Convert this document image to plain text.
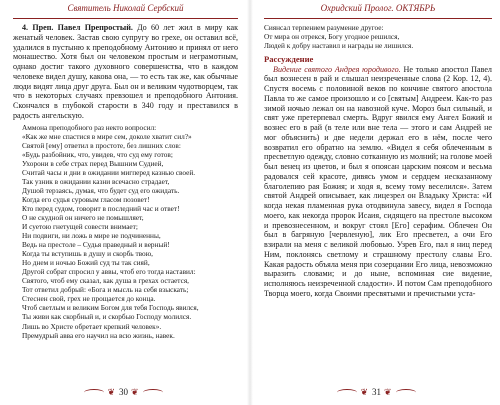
Святитель Николай Сербский

4. Преп. Павел Препростый. До 60 лет жил в миру как женатый человек. Застав свою супругу во грехе, он оставил всё, удалился в пустыню к преподобному Антонию и принял от него монашество. Хотя был он человеком простым и неграмотным, однако достиг такого духовного совершенства, что в каждом человеке видел душу, какова она, — то есть так же, как обычные люди видят лица друг друга. Был он и великим чудотворцем, так что в некоторых случаях превзошел и преподобного Антония. Скончался в глубокой старости в 340 году и преставился в радость ангельскую.

Аммона преподобного раз некто вопросил:
«Как же мне спастися в мире сем, доколе хватит сил?»
Святой [ему] ответил в простоте, без лишних слов:
«Будь разбойник, что, увидев, что суд ему готов;
Ухорони в себе страх перед Вышним Судией,
Считай часы и дни в ожидании мигперед казнью своей.
Так узник в ожидании казни всечасно страдает,
Душой терзаясь, думая, что будет суд его ожидать.
Когда его судья суровым гласом позовет!
Кто перед судом, говорит в последний час и ответ!
О не скудной он ничего не помышляет,
И суетою гнетущей совести внимает;
Ни подвиги, ни ложь в мире не подчиненны,
Ведь на престоле – Судья праведный и верный!
Когда ты вступишь в душу и скорбь твою,
Но днем и ночью Божий суд ты так сияй,
Другой собрат спросил у аввы, чтоб его тогда наставил:
Святого, чтоб ему сказал, как душа в грехах остается,
Тот ответил добрый: «Бога и мысль на себя взыскать;
Стеснен свой, грех не прощается до конца.
Чтоб светлым и великим Богом для тебя Господь явился,
Ты живи как скорбный и, и скорбью Господу молился.
Лишь во Христе обретает крепкий человек».
Премудрый авва его научил на всю жизнь, навек.
❦ 30 ❦
Охридский Пролог. ОКТЯБРЬ
Сиянсал терпением разумение другое:
От мира он отрекся, Богу угодное решился,
Людей к добру наставил и награды не лишился.
Рассуждение

Видение святого Андрея юродивого. Не только апостол Павел был вознесен в рай и слышал неизреченные слова (2 Кор. 12, 4). Спустя восемь с половиной веков по кончине святого апостола Павла то же самое произошло и со [святым] Андреем. Как-то раз зимой ночью лежал он на навозной куче. Мороз был сильный, и свят уже претерпевал смерть. Вдруг явился ему Ангел Божий и вознес его в рай (в теле или вне тела — этого и сам Андрей не мог объяснить) и две недели держал его в нём, после чего возвратил его обратно на землю. «Видел я себя облеченным в пресветлую одежду, словно сотканную из молний; на голове моей был венец из цветов, и был я опоясан царским поясом и весьма радовался сей красоте, дивясь умом и сердцем несказанному благолепию рая Божия; и ходя я, всему тому веселился». Затем святой Андрей описывает, как лицезрел он Владыку Христа: «И когда некая пламенная рука отодвинула завесу, видел я Господа моего, как некогда пророк Исаия, сидящего на престоле высоком и превознесенном, и вокруг стоял [Его] серафим. Облечен Он был в багряную [червленую], лик Его пресветел, а очи Его взирали на меня с великой любовью. Узрев Его, пал я ниц перед Ним, поклонясь светлому и страшному престолу славы Его. Какая радость объяла меня при созерцании Его лица, невозможно выразить словами; и до ныне, вспоминая сие видение, исполняюсь неизреченной сладости». И потом Сам преподобного Творца моего, когда Своими пресвятыми и пречистыми уста-

❦ 31 ❦
